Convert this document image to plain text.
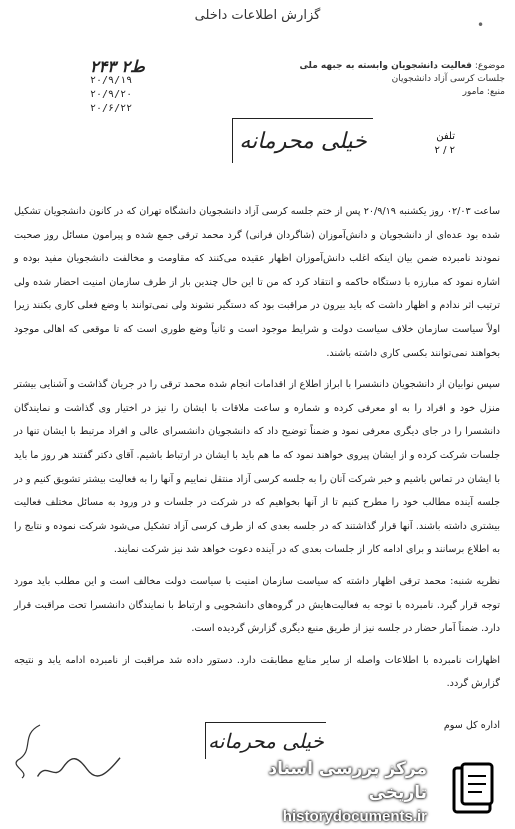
گزارش اطلاعات داخلی
•
موضوع: فعالیت دانشجویان وابسته به جبهه ملی
جلسات کرسی آزاد دانشجویان
منبع: مامور
۲۴۳ ۲ط
۲۰/۹/۱۹
۲۰/۹/۲۰
۲۰/۶/۲۲
خیلی محرمانه	تلفن
۲ / ۲

ساعت ۰۲/۰۳ روز یکشنبه ۲۰/۹/۱۹ پس از ختم جلسه کرسی آزاد دانشجویان دانشگاه تهران که در کانون دانشجویان تشکیل شده بود عده‌ای از دانشجویان و دانش‌آموزان (شاگردان فرانی) گرد محمد ترقی جمع شده و پیرامون مسائل روز صحبت نمودند نامبرده ضمن بیان اینکه اغلب دانش‌آموزان اظهار عقیده می‌کنند که مقاومت و مخالفت دانشجویان مفید بوده و اشاره نمود که مبارزه با دستگاه حاکمه و انتقاد کرد که من تا این حال چندین بار از طرف سازمان امنیت احضار شده ولی ترتیب اثر ندادم و اظهار داشت که باید بیرون در مراقبت بود که دستگیر نشوند ولی نمی‌توانند با وضع فعلی کاری بکنند زیرا اولاً سیاست سازمان خلاف سیاست دولت و شرایط موجود است و ثانیاً وضع طوری است که تا موقعی که اهالی موجود بخواهند نمی‌توانند بکسی کاری داشته باشند.

سپس نوابیان از دانشجویان دانشسرا با ابراز اطلاع از اقدامات انجام شده محمد ترقی را در جریان گذاشت و آشنایی بیشتر منزل خود و افراد را به او معرفی کرده و شماره و ساعت ملاقات با ایشان را نیز در اختیار وی گذاشت و نمایندگان دانشسرا را در جای دیگری معرفی نمود و ضمناً توضیح داد که دانشجویان دانشسرای عالی و افراد مرتبط با ایشان تنها در جلسات شرکت کرده و از ایشان پیروی خواهند نمود که ما هم باید با ایشان در ارتباط باشیم. آقای دکتر گفتند هر روز ما باید با ایشان در تماس باشیم و خبر شرکت آنان را به جلسه کرسی آزاد منتقل نماییم و آنها را به فعالیت بیشتر تشویق کنیم و در جلسه آینده مطالب خود را مطرح کنیم تا از آنها بخواهیم که در شرکت در جلسات و در ورود به مسائل مختلف فعالیت بیشتری داشته باشند. آنها قرار گذاشتند که در جلسه بعدی که از طرف کرسی آزاد تشکیل می‌شود شرکت نموده و نتایج را به اطلاع برسانند و برای ادامه کار از جلسات بعدی که در آینده دعوت خواهد شد نیز شرکت نمایند.

نظریه شنبه: محمد ترقی اظهار داشته که سیاست سازمان امنیت با سیاست دولت مخالف است و این مطلب باید مورد توجه قرار گیرد. نامبرده با توجه به فعالیت‌هایش در گروه‌های دانشجویی و ارتباط با نمایندگان دانشسرا تحت مراقبت قرار دارد. ضمناً آمار حضار در جلسه نیز از طریق منبع دیگری گزارش گردیده است.

اظهارات نامبرده با اطلاعات واصله از سایر منابع مطابقت دارد. دستور داده شد مراقبت از نامبرده ادامه یابد و نتیجه گزارش گردد.

اداره کل سوم

خیلی محرمانه
مرکز بررسی اسناد تاریخی
historydocuments.ir
